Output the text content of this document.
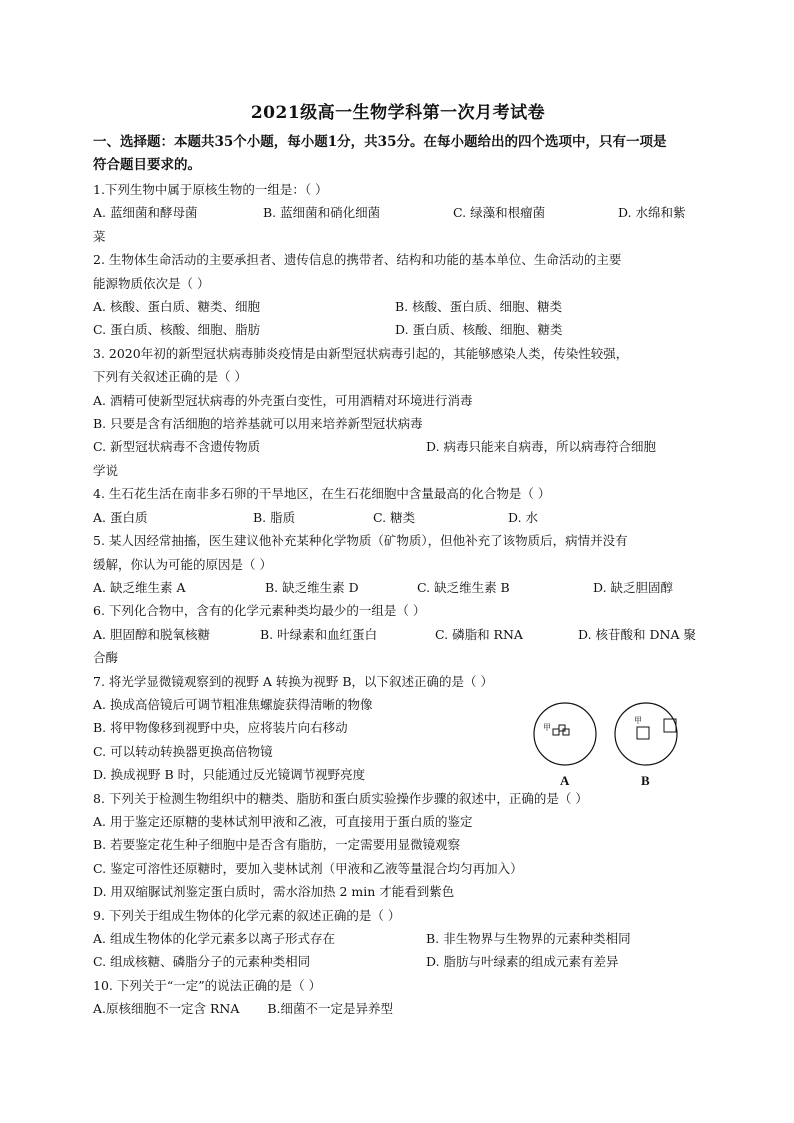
2021级高一生物学科第一次月考试卷
一、选择题：本题共35个小题，每小题1分，共35分。在每小题给出的四个选项中，只有一项是
符合题目要求的。
1.下列生物中属于原核生物的一组是：（ ）
A. 蓝细菌和酵母菌	B. 蓝细菌和硝化细菌	C. 绿藻和根瘤菌	D. 水绵和紫
菜
2. 生物体生命活动的主要承担者、遗传信息的携带者、结构和功能的基本单位、生命活动的主要
能源物质依次是（ ）
A. 核酸、蛋白质、糖类、细胞	B. 核酸、蛋白质、细胞、糖类
C. 蛋白质、核酸、细胞、脂肪	D. 蛋白质、核酸、细胞、糖类
3. 2020年初的新型冠状病毒肺炎疫情是由新型冠状病毒引起的，其能够感染人类，传染性较强，
下列有关叙述正确的是（ ）
A. 酒精可使新型冠状病毒的外壳蛋白变性，可用酒精对环境进行消毒
B. 只要是含有活细胞的培养基就可以用来培养新型冠状病毒
C. 新型冠状病毒不含遗传物质	D. 病毒只能来自病毒，所以病毒符合细胞
学说
4. 生石花生活在南非多石卵的干旱地区，在生石花细胞中含量最高的化合物是（ ）
A. 蛋白质	B. 脂质	C. 糖类	D. 水
5. 某人因经常抽搐，医生建议他补充某种化学物质（矿物质），但他补充了该物质后，病情并没有
缓解，你认为可能的原因是（ ）
A. 缺乏维生素 A	B. 缺乏维生素 D	C. 缺乏维生素 B	D. 缺乏胆固醇
6. 下列化合物中，含有的化学元素种类均最少的一组是（ ）
A. 胆固醇和脱氧核糖	B. 叶绿素和血红蛋白	C. 磷脂和 RNA	D. 核苷酸和 DNA 聚
合酶
7. 将光学显微镜观察到的视野 A 转换为视野 B，以下叙述正确的是（ ）
A. 换成高倍镜后可调节粗准焦螺旋获得清晰的物像
B. 将甲物像移到视野中央，应将装片向右移动
C. 可以转动转换器更换高倍物镜
D. 换成视野 B 时，只能通过反光镜调节视野亮度
甲
A
甲
B
8. 下列关于检测生物组织中的糖类、脂肪和蛋白质实验操作步骤的叙述中，正确的是（ ）
A. 用于鉴定还原糖的斐林试剂甲液和乙液，可直接用于蛋白质的鉴定
B. 若要鉴定花生种子细胞中是否含有脂肪，一定需要用显微镜观察
C. 鉴定可溶性还原糖时，要加入斐林试剂（甲液和乙液等量混合均匀再加入）
D. 用双缩脲试剂鉴定蛋白质时，需水浴加热 2 min 才能看到紫色
9. 下列关于组成生物体的化学元素的叙述正确的是（ ）
A. 组成生物体的化学元素多以离子形式存在	B. 非生物界与生物界的元素种类相同
C. 组成核糖、磷脂分子的元素种类相同	D. 脂肪与叶绿素的组成元素有差异
10. 下列关于“一定”的说法正确的是（ ）
A.原核细胞不一定含 RNA B.细菌不一定是异养型
